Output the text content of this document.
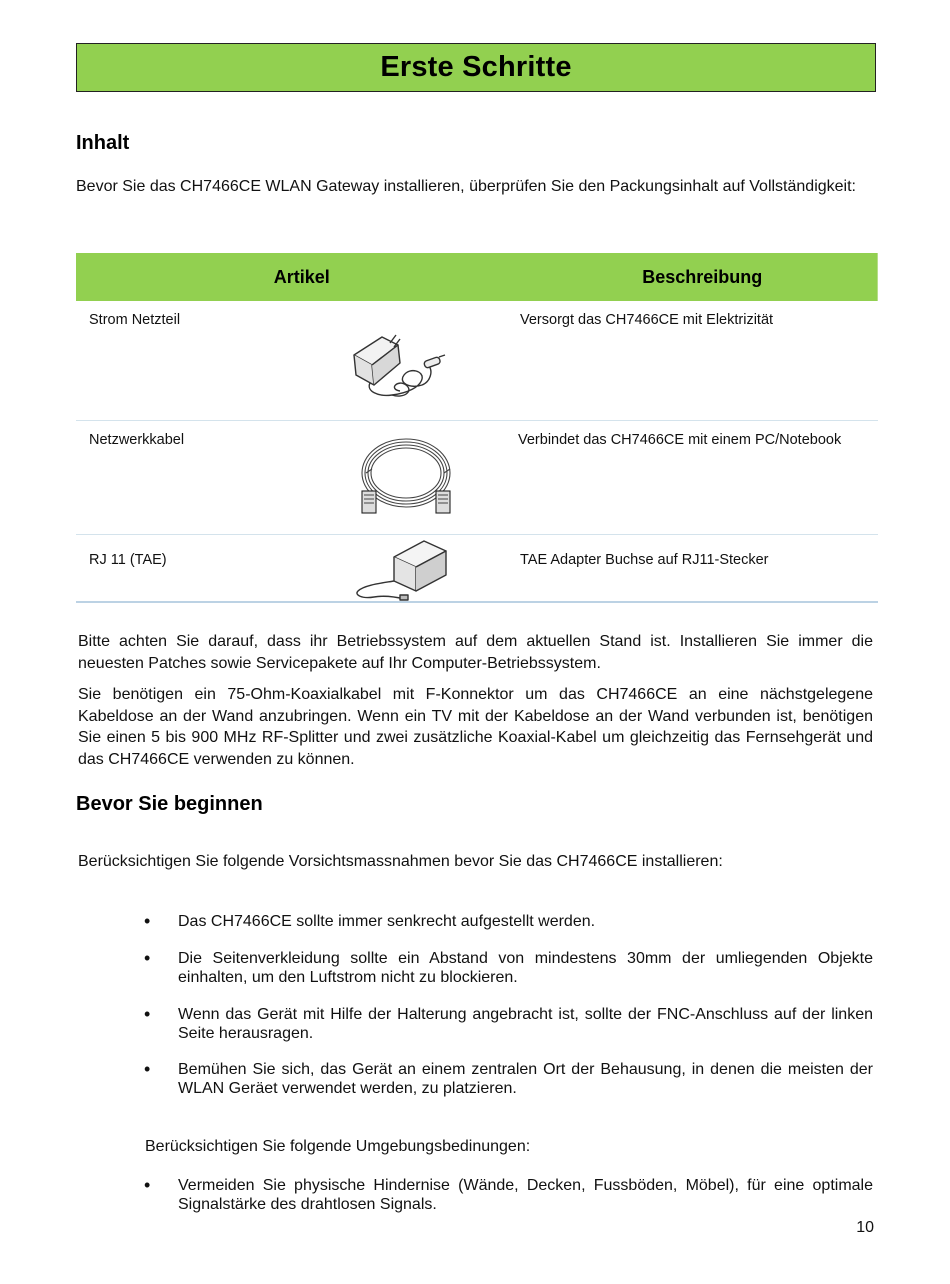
Erste Schritte
Inhalt
Bevor Sie das CH7466CE WLAN Gateway installieren, überprüfen Sie den Packungsinhalt auf Vollständigkeit:
Artikel	Beschreibung
Strom Netzteil	Versorgt das CH7466CE mit Elektrizität
Netzwerkkabel	Verbindet das CH7466CE mit einem PC/Notebook
RJ 11 (TAE)	TAE Adapter Buchse auf RJ11-Stecker
Bitte achten Sie darauf, dass ihr Betriebssystem auf dem aktuellen Stand ist. Installieren Sie immer die neuesten Patches sowie Servicepakete auf Ihr Computer-Betriebssystem.
Sie benötigen ein 75-Ohm-Koaxialkabel mit F-Konnektor um das CH7466CE an eine nächstgelegene Kabeldose an der Wand anzubringen. Wenn ein TV mit der Kabeldose an der Wand verbunden ist, benötigen Sie einen 5 bis 900 MHz RF-Splitter und zwei zusätzliche Koaxial-Kabel um gleichzeitig das Fernsehgerät und das CH7466CE verwenden zu können.
Bevor Sie beginnen
Berücksichtigen Sie folgende Vorsichtsmassnahmen bevor Sie das CH7466CE installieren:
• Das CH7466CE sollte immer senkrecht aufgestellt werden.
• Die Seitenverkleidung sollte ein Abstand von mindestens 30mm der umliegenden Objekte einhalten, um den Luftstrom nicht zu blockieren.
• Wenn das Gerät mit Hilfe der Halterung angebracht ist, sollte der FNC-Anschluss auf der linken Seite herausragen.
• Bemühen Sie sich, das Gerät an einem zentralen Ort der Behausung, in denen die meisten der WLAN Geräet verwendet werden, zu platzieren.
Berücksichtigen Sie folgende Umgebungsbedinungen:
• Vermeiden Sie physische Hindernise (Wände, Decken, Fussböden, Möbel), für eine optimale Signalstärke des drahtlosen Signals.
10
